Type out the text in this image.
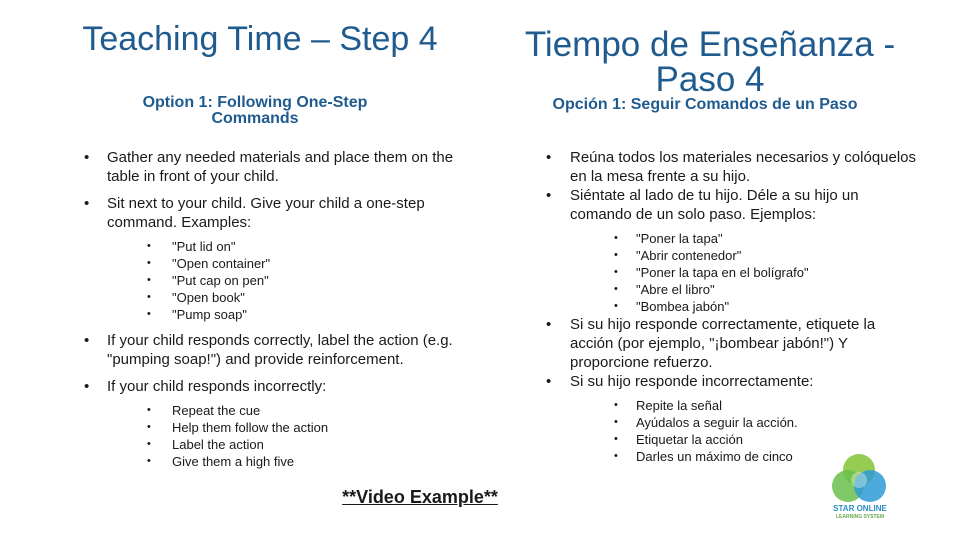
Teaching Time – Step 4
Option 1: Following One-Step Commands
Tiempo de Enseñanza - Paso 4
Opción 1: Seguir Comandos de un Paso
• Gather any needed materials and place them on the table in front of your child.
• Sit next to your child. Give your child a one-step command. Examples:
• "Put lid on"
• "Open container"
• "Put cap on pen"
• "Open book"
• "Pump soap"
• If your child responds correctly, label the action (e.g. "pumping soap!") and provide reinforcement.
• If your child responds incorrectly:
• Repeat the cue
• Help them follow the action
• Label the action
• Give them a high five
• Reúna todos los materiales necesarios y colóquelos en la mesa frente a su hijo.
• Siéntate al lado de tu hijo. Déle a su hijo un comando de un solo paso. Ejemplos:
• "Poner la tapa"
• "Abrir contenedor"
• "Poner la tapa en el bolígrafo"
• "Abre el libro"
• "Bombea jabón"
• Si su hijo responde correctamente, etiquete la acción (por ejemplo, "¡bombear jabón!") Y proporcione refuerzo.
• Si su hijo responde incorrectamente:
• Repite la señal
• Ayúdalos a seguir la acción.
• Etiquetar la acción
• Darles un máximo de cinco
**Video Example**
STAR ONLINE
LEARNING SYSTEM
